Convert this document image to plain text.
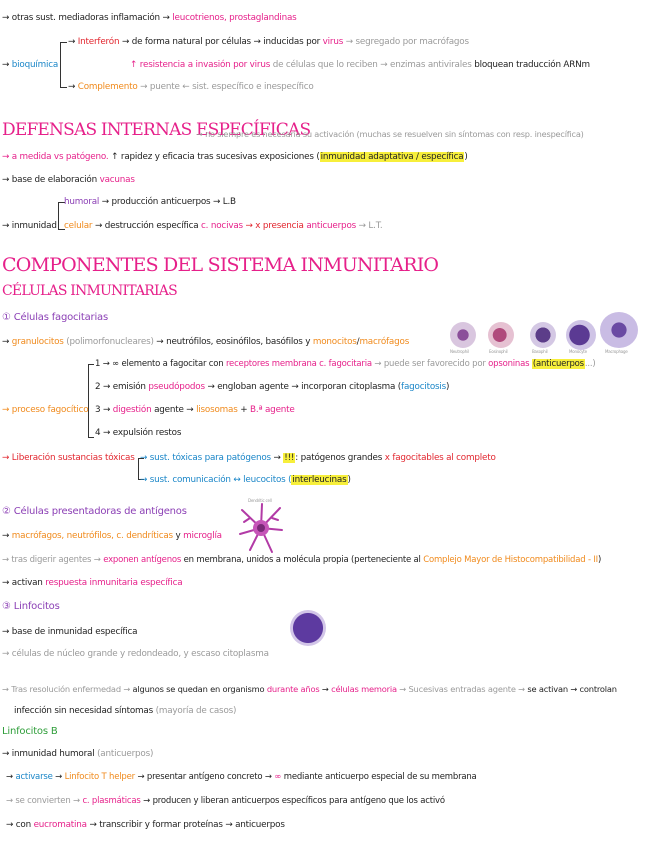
→ otras sust. mediadoras inflamación → leucotrienos, prostaglandinas
→ bioquímica
→ Interferón → de forma natural por células → inducidas por virus → segregado por macrófagos
↑ resistencia a invasión por virus de células que lo reciben → enzimas antivirales bloquean traducción ARNm
→ Complemento → puente ← sist. específico e inespecífico
DEFENSAS INTERNAS ESPECÍFICAS
→ no siempre es necesaria su activación (muchas se resuelven sin síntomas con resp. inespecífica)
→ a medida vs patógeno. ↑ rapidez y eficacia tras sucesivas exposiciones (inmunidad adaptativa / específica)
→ base de elaboración vacunas
→ inmunidad
humoral → producción anticuerpos → L.B
celular → destrucción específica c. nocivas → x presencia anticuerpos → L.T.
COMPONENTES DEL SISTEMA INMUNITARIO
CÉLULAS INMUNITARIAS
① Células fagocitarias
→ granulocitos (polimorfonucleares) → neutrófilos, eosinófilos, basófilos y monocitos/macrófagos
Neutrophil	Eosinophil	Basophil	Monocyte	Macrophage
→ proceso fagocítico
1 → ∞ elemento a fagocitar con receptores membrana c. fagocitaria → puede ser favorecido por opsoninas (anticuerpos...)
2 → emisión pseudópodos → engloban agente → incorporan citoplasma (fagocitosis)
3 → digestión agente → lisosomas + B.ª agente
4 → expulsión restos
→ Liberación sustancias tóxicas → sust. tóxicas para patógenos → !!!: patógenos grandes x fagocitables al completo
→ sust. comunicación ↔ leucocitos (interleucinas)
② Células presentadoras de antígenos
→ macrófagos, neutrófilos, c. dendríticas y microglía
Dendritic cell
→ tras digerir agentes → exponen antígenos en membrana, unidos a molécula propia (perteneciente al Complejo Mayor de Histocompatibilidad - II)
→ activan respuesta inmunitaria específica
③ Linfocitos
→ base de inmunidad específica
→ células de núcleo grande y redondeado, y escaso citoplasma
→ Tras resolución enfermedad → algunos se quedan en organismo durante años → células memoria → Sucesivas entradas agente → se activan → controlan
infección sin necesidad síntomas (mayoría de casos)
Linfocitos B
→ inmunidad humoral (anticuerpos)
→ activarse → Linfocito T helper → presentar antígeno concreto → ∞ mediante anticuerpo especial de su membrana
→ se convierten → c. plasmáticas → producen y liberan anticuerpos específicos para antígeno que los activó
→ con eucromatina → transcribir y formar proteínas → anticuerpos
